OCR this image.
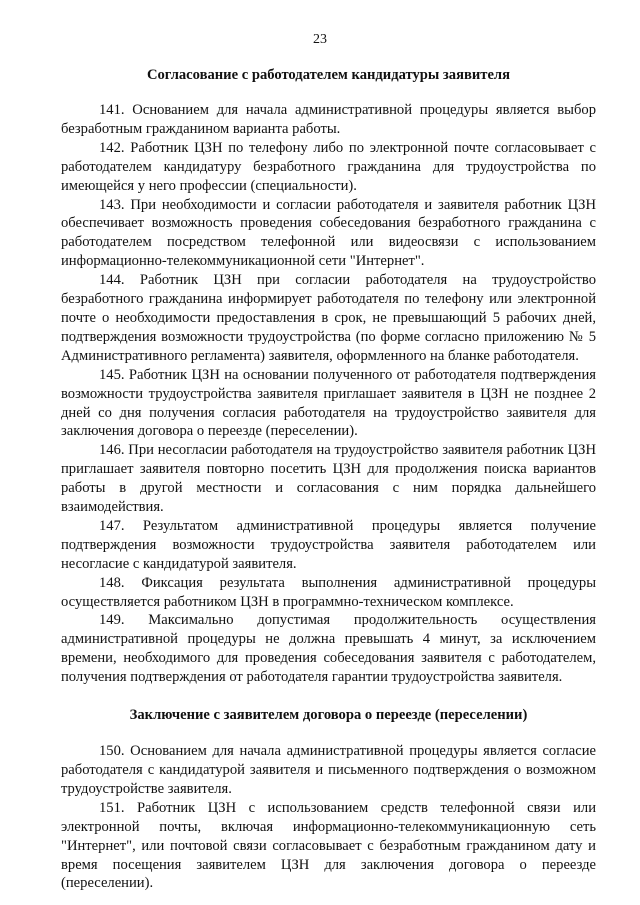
23

Согласование с работодателем кандидатуры заявителя

141. Основанием для начала административной процедуры является выбор безработным гражданином варианта работы.

142. Работник ЦЗН по телефону либо по электронной почте согласовывает с работодателем кандидатуру безработного гражданина для трудоустройства по имеющейся у него профессии (специальности).

143. При необходимости и согласии работодателя и заявителя работник ЦЗН обеспечивает возможность проведения собеседования безработного гражданина с работодателем посредством телефонной или видеосвязи с использованием информационно-телекоммуникационной сети "Интернет".

144. Работник ЦЗН при согласии работодателя на трудоустройство безработного гражданина информирует работодателя по телефону или электронной почте о необходимости предоставления в срок, не превышающий 5 рабочих дней, подтверждения возможности трудоустройства (по форме согласно приложению № 5 Административного регламента) заявителя, оформленного на бланке работодателя.

145. Работник ЦЗН на основании полученного от работодателя подтверждения возможности трудоустройства заявителя приглашает заявителя в ЦЗН не позднее 2 дней со дня получения согласия работодателя на трудоустройство заявителя для заключения договора о переезде (переселении).

146. При несогласии работодателя на трудоустройство заявителя работник ЦЗН приглашает заявителя повторно посетить ЦЗН для продолжения поиска вариантов работы в другой местности и согласования с ним порядка дальнейшего взаимодействия.

147. Результатом административной процедуры является получение подтверждения возможности трудоустройства заявителя работодателем или несогласие с кандидатурой заявителя.

148. Фиксация результата выполнения административной процедуры осуществляется работником ЦЗН в программно-техническом комплексе.

149. Максимально допустимая продолжительность осуществления административной процедуры не должна превышать 4 минут, за исключением времени, необходимого для проведения собеседования заявителя с работодателем, получения подтверждения от работодателя гарантии трудоустройства заявителя.

Заключение с заявителем договора о переезде (переселении)

150. Основанием для начала административной процедуры является согласие работодателя с кандидатурой заявителя и письменного подтверждения о возможном трудоустройстве заявителя.

151. Работник ЦЗН с использованием средств телефонной связи или электронной почты, включая информационно-телекоммуникационную сеть "Интернет", или почтовой связи согласовывает с безработным гражданином дату и время посещения заявителем ЦЗН для заключения договора о переезде (переселении).
